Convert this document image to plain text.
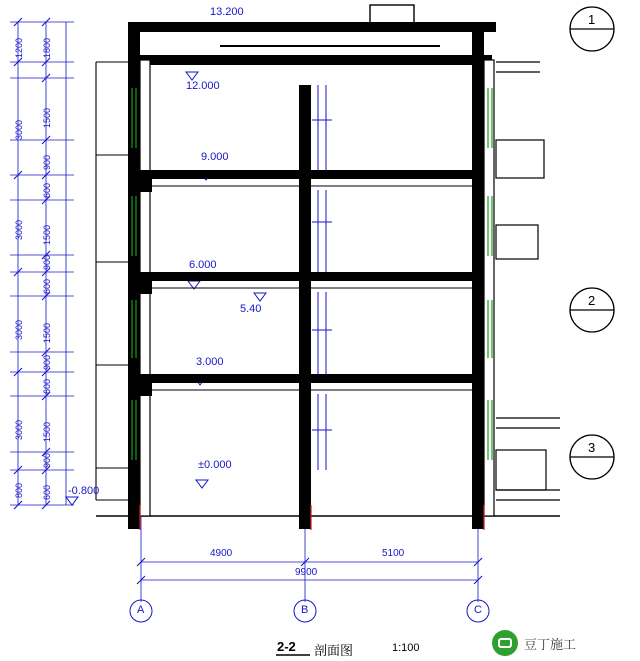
13.200
12.000
9.000
6.000
5.40
3.000
±0.000
-0.800
1200
3000
3000
3000
3000
800
1800
1500
900
600
1500
900
600
1500
900
600
1500
900
600
4900	5100
9900
A	B	C
1
2
3
2-2 剖面图	1:100	豆丁施工
